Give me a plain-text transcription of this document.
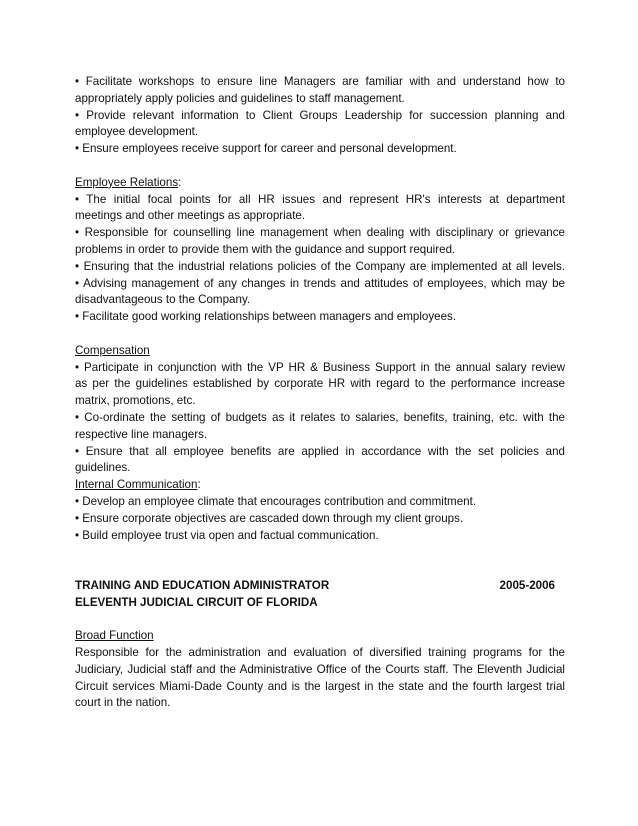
• Facilitate workshops to ensure line Managers are familiar with and understand how to
appropriately apply policies and guidelines to staff management.
• Provide relevant information to Client Groups Leadership for succession planning and
employee development.
• Ensure employees receive support for career and personal development.
Employee Relations:
• The initial focal points for all HR issues and represent HR's interests at department
meetings and other meetings as appropriate.
• Responsible for counselling line management when dealing with disciplinary or grievance
problems in order to provide them with the guidance and support required.
• Ensuring that the industrial relations policies of the Company are implemented at all levels.
• Advising management of any changes in trends and attitudes of employees, which may be
disadvantageous to the Company.
• Facilitate good working relationships between managers and employees.
Compensation
• Participate in conjunction with the VP HR & Business Support in the annual salary review
as per the guidelines established by corporate HR with regard to the performance increase
matrix, promotions, etc.
• Co-ordinate the setting of budgets as it relates to salaries, benefits, training, etc. with the
respective line managers.
• Ensure that all employee benefits are applied in accordance with the set policies and
guidelines.
Internal Communication:
• Develop an employee climate that encourages contribution and commitment.
• Ensure corporate objectives are cascaded down through my client groups.
• Build employee trust via open and factual communication.
TRAINING AND EDUCATION ADMINISTRATOR	2005-2006
ELEVENTH JUDICIAL CIRCUIT OF FLORIDA
Broad Function
Responsible for the administration and evaluation of diversified training programs for the
Judiciary, Judicial staff and the Administrative Office of the Courts staff. The Eleventh Judicial
Circuit services Miami-Dade County and is the largest in the state and the fourth largest trial
court in the nation.
